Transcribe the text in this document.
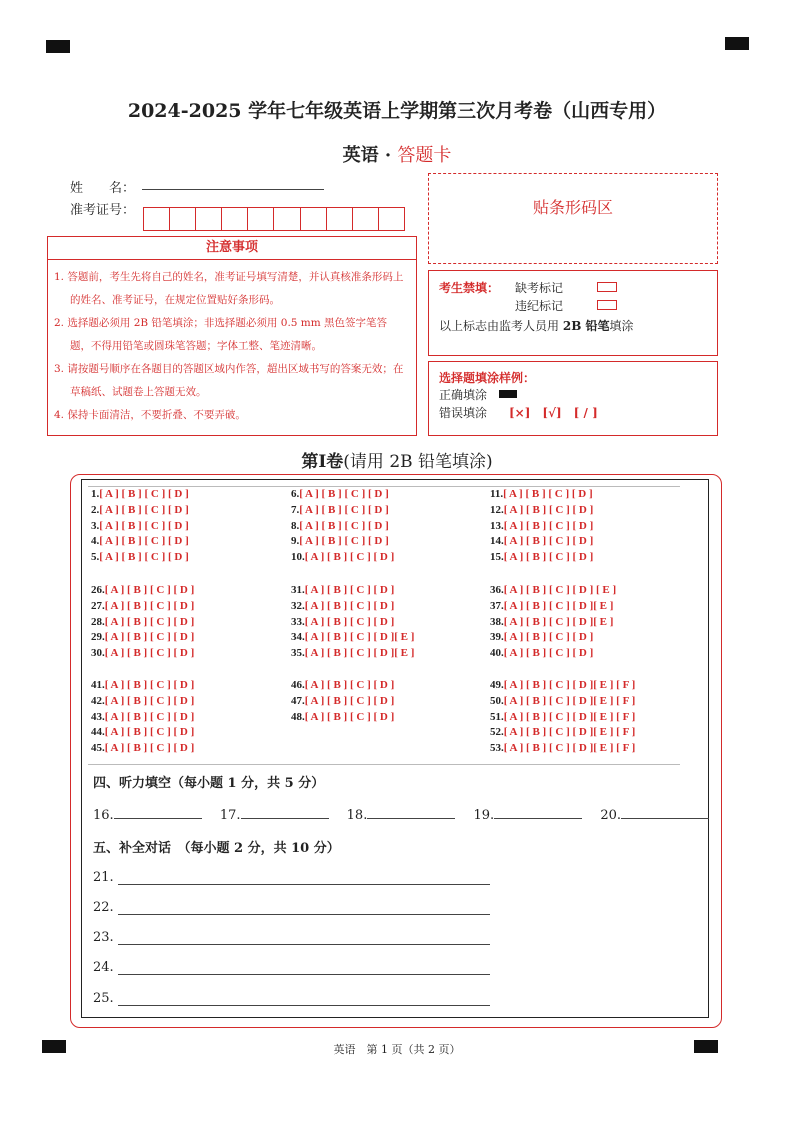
2024-2025 学年七年级英语上学期第三次月考卷（山西专用）
英语 · 答题卡
姓　　名：
准考证号：
注意事项
1. 答题前，考生先将自己的姓名，准考证号填写清楚，并认真核准条形码上的姓名、准考证号，在规定位置贴好条形码。
2. 选择题必须用 2B 铅笔填涂；非选择题必须用 0.5 mm 黑色签字笔答题，不得用铅笔或圆珠笔答题；字体工整、笔迹清晰。
3. 请按题号顺序在各题目的答题区域内作答，超出区域书写的答案无效；在草稿纸、试题卷上答题无效。
4. 保持卡面清洁，不要折叠、不要弄破。
贴条形码区
考生禁填： 缺考标记
违纪标记
以上标志由监考人员用 2B 铅笔填涂
选择题填涂样例：
正确填涂
错误填涂 [×]　[√]　[ / ]
第Ⅰ卷(请用 2B 铅笔填涂)
1.[ A ] [ B ] [ C ] [ D ]
2.[ A ] [ B ] [ C ] [ D ]
3.[ A ] [ B ] [ C ] [ D ]
4.[ A ] [ B ] [ C ] [ D ]
5.[ A ] [ B ] [ C ] [ D ]
6.[ A ] [ B ] [ C ] [ D ]
7.[ A ] [ B ] [ C ] [ D ]
8.[ A ] [ B ] [ C ] [ D ]
9.[ A ] [ B ] [ C ] [ D ]
10.[ A ] [ B ] [ C ] [ D ]
11.[ A ] [ B ] [ C ] [ D ]
12.[ A ] [ B ] [ C ] [ D ]
13.[ A ] [ B ] [ C ] [ D ]
14.[ A ] [ B ] [ C ] [ D ]
15.[ A ] [ B ] [ C ] [ D ]
26.[ A ] [ B ] [ C ] [ D ]
27.[ A ] [ B ] [ C ] [ D ]
28.[ A ] [ B ] [ C ] [ D ]
29.[ A ] [ B ] [ C ] [ D ]
30.[ A ] [ B ] [ C ] [ D ]
31.[ A ] [ B ] [ C ] [ D ]
32.[ A ] [ B ] [ C ] [ D ]
33.[ A ] [ B ] [ C ] [ D ]
34.[ A ] [ B ] [ C ] [ D ][ E ]
35.[ A ] [ B ] [ C ] [ D ][ E ]
36.[ A ] [ B ] [ C ] [ D ] [ E ]
37.[ A ] [ B ] [ C ] [ D ][ E ]
38.[ A ] [ B ] [ C ] [ D ][ E ]
39.[ A ] [ B ] [ C ] [ D ]
40.[ A ] [ B ] [ C ] [ D ]
41.[ A ] [ B ] [ C ] [ D ]
42.[ A ] [ B ] [ C ] [ D ]
43.[ A ] [ B ] [ C ] [ D ]
44.[ A ] [ B ] [ C ] [ D ]
45.[ A ] [ B ] [ C ] [ D ]
46.[ A ] [ B ] [ C ] [ D ]
47.[ A ] [ B ] [ C ] [ D ]
48.[ A ] [ B ] [ C ] [ D ]
49.[ A ] [ B ] [ C ] [ D ][ E ] [ F ]
50.[ A ] [ B ] [ C ] [ D ][ E ] [ F ]
51.[ A ] [ B ] [ C ] [ D ][ E ] [ F ]
52.[ A ] [ B ] [ C ] [ D ][ E ] [ F ]
53.[ A ] [ B ] [ C ] [ D ][ E ] [ F ]
四、听力填空（每小题 1 分，共 5 分）
16.	17.	18.	19.	20.
五、补全对话　（每小题 2 分，共 10 分）
21.
22.
23.
24.
25.
英语　第 1 页（共 2 页）
